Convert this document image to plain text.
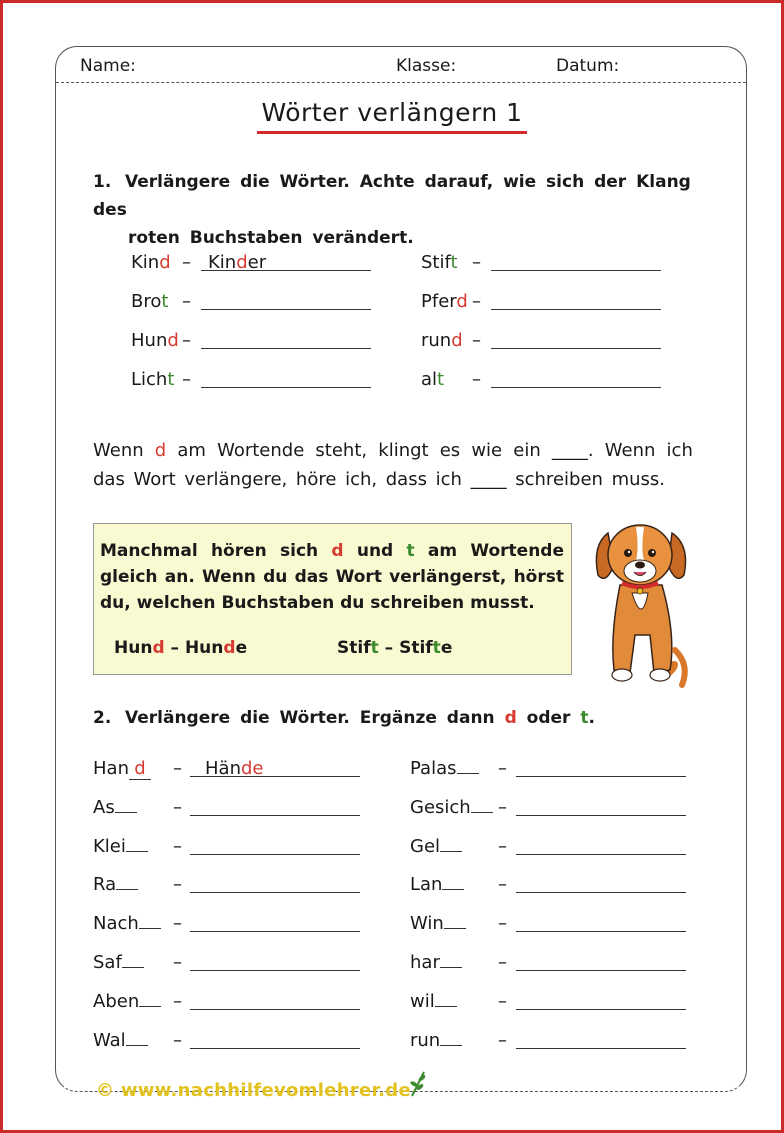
Name:	Klasse:	Datum:
Wörter verlängern 1
1. Verlängere die Wörter. Achte darauf, wie sich der Klang des
roten Buchstaben verändert.
Kind – Kinder
Brot –
Hund –
Licht –
Stift –
Pferd –
rund –
alt –
Wenn d am Wortende steht, klingt es wie ein ____. Wenn ich
das Wort verlängere, höre ich, dass ich ____ schreiben muss.
Manchmal hören sich d und t am Wortende gleich an. Wenn du das Wort verlängerst, hörst du, welchen Buchstaben du schreiben musst.
Hund – Hunde	Stift – Stifte
2. Verlängere die Wörter. Ergänze dann d oder t.
Han d – Hände
As	–
Klei	–
Ra	–
Nach	–
Saf	–
Aben	–
Wal	–
Palas	–
Gesich	–
Gel	–
Lan	–
Win	–
har	–
wil	–
run	–
© www.nachhilfevomlehrer.de
